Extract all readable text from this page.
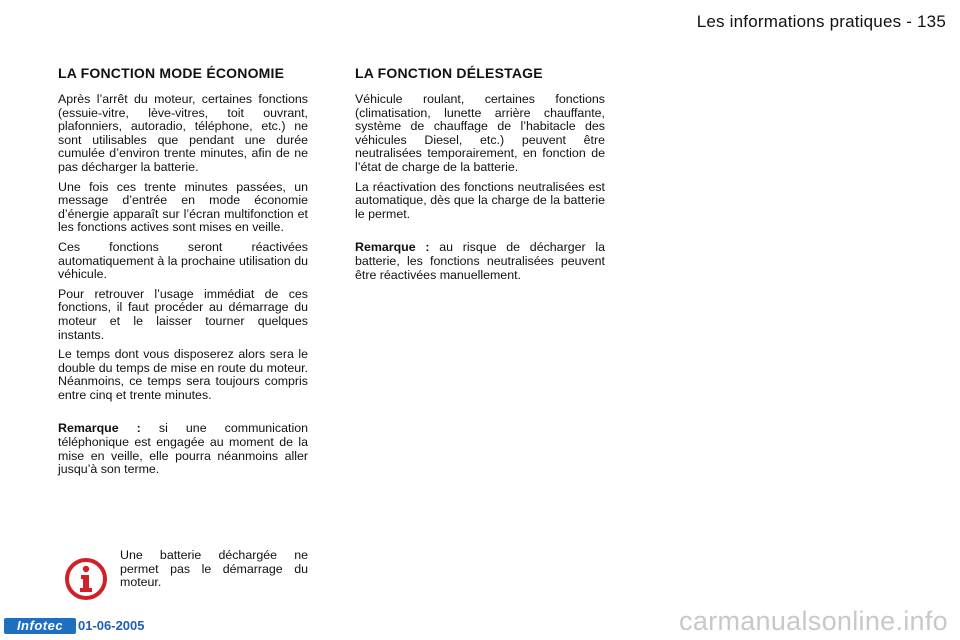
Les informations pratiques - 135
LA FONCTION MODE ÉCONOMIE

Après l’arrêt du moteur, certaines fonctions (essuie-vitre, lève-vitres, toit ouvrant, plafonniers, autoradio, téléphone, etc.) ne sont utilisables que pendant une durée cumulée d’environ trente minutes, afin de ne pas décharger la batterie.

Une fois ces trente minutes passées, un message d’entrée en mode économie d’énergie apparaît sur l’écran multifonction et les fonctions actives sont mises en veille.

Ces fonctions seront réactivées automatiquement à la prochaine utilisation du véhicule.

Pour retrouver l’usage immédiat de ces fonctions, il faut procéder au démarrage du moteur et le laisser tourner quelques instants.

Le temps dont vous disposerez alors sera le double du temps de mise en route du moteur. Néanmoins, ce temps sera toujours compris entre cinq et trente minutes.

Remarque : si une communication téléphonique est engagée au moment de la mise en veille, elle pourra néanmoins aller jusqu’à son terme.

LA FONCTION DÉLESTAGE

Véhicule roulant, certaines fonctions (climatisation, lunette arrière chauffante, système de chauffage de l’habitacle des véhicules Diesel, etc.) peuvent être neutralisées temporairement, en fonction de l’état de charge de la batterie.

La réactivation des fonctions neutralisées est automatique, dès que la charge de la batterie le permet.

Remarque : au risque de décharger la batterie, les fonctions neutralisées peuvent être réactivées manuellement.

Une batterie déchargée ne permet pas le démarrage du moteur.
Infotec	01-06-2005	carmanualsonline.info
